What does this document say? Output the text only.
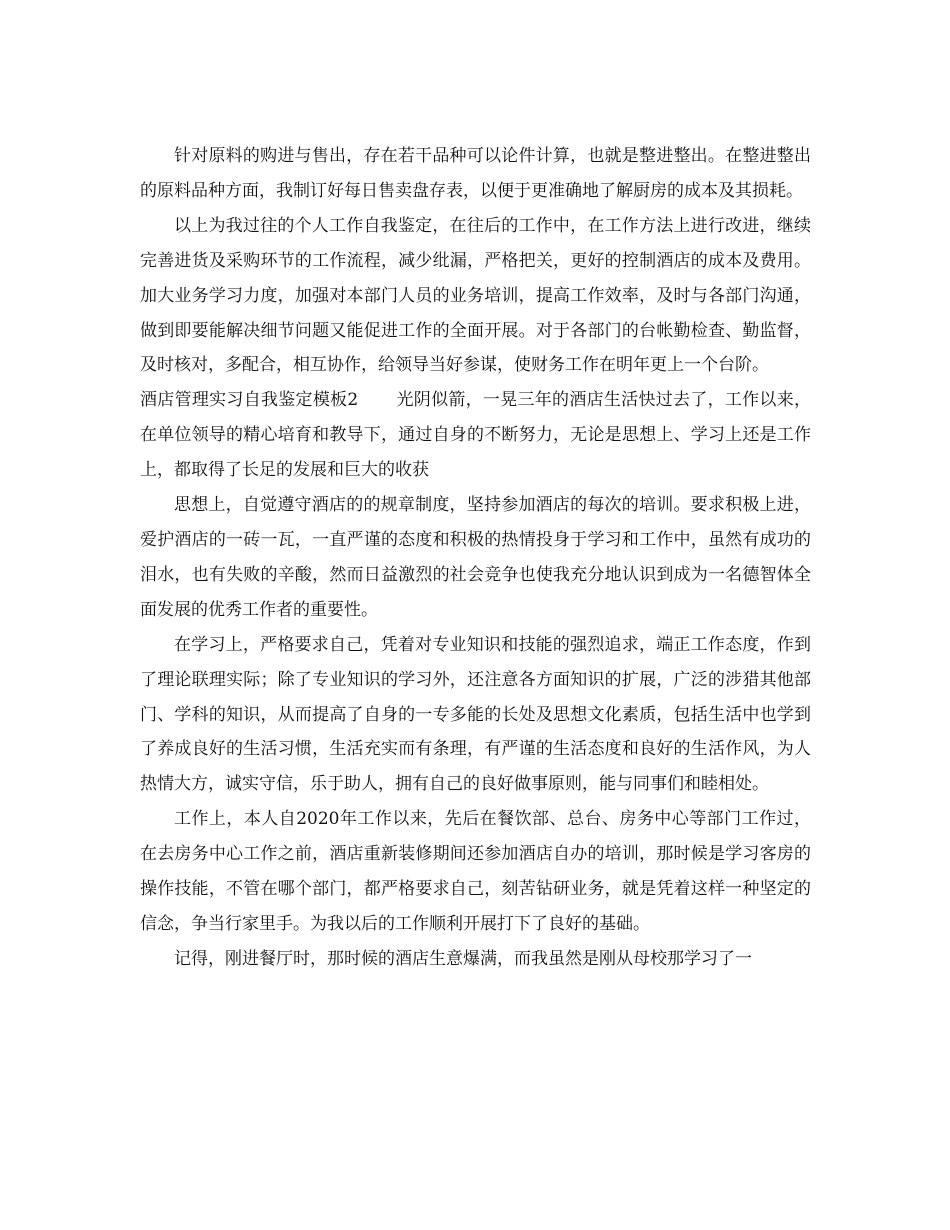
针对原料的购进与售出，存在若干品种可以论件计算，也就是整进整出。在整进整出的原料品种方面，我制订好每日售卖盘存表，以便于更准确地了解厨房的成本及其损耗。

以上为我过往的个人工作自我鉴定，在往后的工作中，在工作方法上进行改进，继续完善进货及采购环节的工作流程，减少纰漏，严格把关，更好的控制酒店的成本及费用。加大业务学习力度，加强对本部门人员的业务培训，提高工作效率，及时与各部门沟通，做到即要能解决细节问题又能促进工作的全面开展。对于各部门的台帐勤检查、勤监督，及时核对，多配合，相互协作，给领导当好参谋，使财务工作在明年更上一个台阶。

酒店管理实习自我鉴定模板2 光阴似箭，一晃三年的酒店生活快过去了，工作以来，在单位领导的精心培育和教导下，通过自身的不断努力，无论是思想上、学习上还是工作上，都取得了长足的发展和巨大的收获

思想上，自觉遵守酒店的的规章制度，坚持参加酒店的每次的培训。要求积极上进，爱护酒店的一砖一瓦，一直严谨的态度和积极的热情投身于学习和工作中，虽然有成功的泪水，也有失败的辛酸，然而日益激烈的社会竞争也使我充分地认识到成为一名德智体全面发展的优秀工作者的重要性。

在学习上，严格要求自己，凭着对专业知识和技能的强烈追求，端正工作态度，作到了理论联理实际；除了专业知识的学习外，还注意各方面知识的扩展，广泛的涉猎其他部门、学科的知识，从而提高了自身的一专多能的长处及思想文化素质，包括生活中也学到了养成良好的生活习惯，生活充实而有条理，有严谨的生活态度和良好的生活作风，为人热情大方，诚实守信，乐于助人，拥有自己的良好做事原则，能与同事们和睦相处。

工作上，本人自2020年工作以来，先后在餐饮部、总台、房务中心等部门工作过，在去房务中心工作之前，酒店重新装修期间还参加酒店自办的培训，那时候是学习客房的操作技能，不管在哪个部门，都严格要求自己，刻苦钻研业务，就是凭着这样一种坚定的信念，争当行家里手。为我以后的工作顺利开展打下了良好的基础。

记得，刚进餐厅时，那时候的酒店生意爆满，而我虽然是刚从母校那学习了一
